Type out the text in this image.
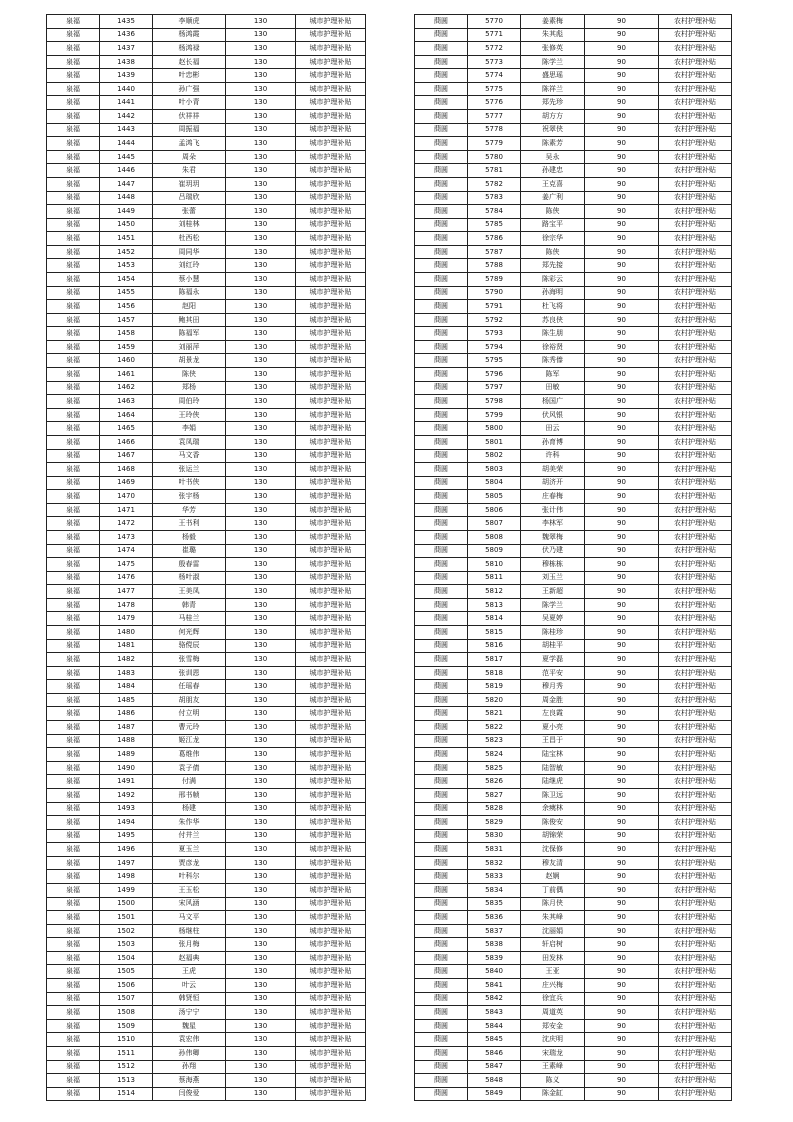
泉福	1435	李顺虎	130	城市护理补贴
泉福	1436	杨鸿霞	130	城市护理补贴
泉福	1437	杨鸿禄	130	城市护理补贴
泉福	1438	赵长福	130	城市护理补贴
泉福	1439	叶忠彬	130	城市护理补贴
泉福	1440	孙广强	130	城市护理补贴
泉福	1441	叶小青	130	城市护理补贴
泉福	1442	伏祥祥	130	城市护理补贴
泉福	1443	周振福	130	城市护理补贴
泉福	1444	孟鸿飞	130	城市护理补贴
泉福	1445	周朵	130	城市护理补贴
泉福	1446	朱君	130	城市护理补贴
泉福	1447	崔玥玥	130	城市护理补贴
泉福	1448	吕瑞欣	130	城市护理补贴
泉福	1449	张蕾	130	城市护理补贴
泉福	1450	刘桂林	130	城市护理补贴
泉福	1451	杜西松	130	城市护理补贴
泉福	1452	周同华	130	城市护理补贴
泉福	1453	刘红玲	130	城市护理补贴
泉福	1454	蔡小慧	130	城市护理补贴
泉福	1455	陈福永	130	城市护理补贴
泉福	1456	赵阳	130	城市护理补贴
泉福	1457	鲍其田	130	城市护理补贴
泉福	1458	陈福军	130	城市护理补贴
泉福	1459	刘丽萍	130	城市护理补贴
泉福	1460	胡景龙	130	城市护理补贴
泉福	1461	陈侠	130	城市护理补贴
泉福	1462	郑杨	130	城市护理补贴
泉福	1463	周伯玲	130	城市护理补贴
泉福	1464	王玲侠	130	城市护理补贴
泉福	1465	李娟	130	城市护理补贴
泉福	1466	袁凤瑞	130	城市护理补贴
泉福	1467	马文香	130	城市护理补贴
泉福	1468	张运兰	130	城市护理补贴
泉福	1469	叶书侠	130	城市护理补贴
泉福	1470	张宇杨	130	城市护理补贴
泉福	1471	华芳	130	城市护理补贴
泉福	1472	王书利	130	城市护理补贴
泉福	1473	杨毅	130	城市护理补贴
泉福	1474	崔璐	130	城市护理补贴
泉福	1475	殷春雷	130	城市护理补贴
泉福	1476	杨叶淑	130	城市护理补贴
泉福	1477	王美凤	130	城市护理补贴
泉福	1478	韩青	130	城市护理补贴
泉福	1479	马桂兰	130	城市护理补贴
泉福	1480	何光辉	130	城市护理补贴
泉福	1481	骆傥辰	130	城市护理补贴
泉福	1482	张雪梅	130	城市护理补贴
泉福	1483	张训恩	130	城市护理补贴
泉福	1484	任瑶春	130	城市护理补贴
泉福	1485	胡朋友	130	城市护理补贴
泉福	1486	付立明	130	城市护理补贴
泉福	1487	曹元玲	130	城市护理补贴
泉福	1488	姬江龙	130	城市护理补贴
泉福	1489	葛维伟	130	城市护理补贴
泉福	1490	袁子倩	130	城市护理补贴
泉福	1491	付满	130	城市护理补贴
泉福	1492	邢书帧	130	城市护理补贴
泉福	1493	杨建	130	城市护理补贴
泉福	1494	朱作华	130	城市护理补贴
泉福	1495	付井兰	130	城市护理补贴
泉福	1496	夏玉兰	130	城市护理补贴
泉福	1497	贾彦龙	130	城市护理补贴
泉福	1498	叶科尔	130	城市护理补贴
泉福	1499	王玉松	130	城市护理补贴
泉福	1500	宋风涵	130	城市护理补贴
泉福	1501	马文平	130	城市护理补贴
泉福	1502	杨继柱	130	城市护理补贴
泉福	1503	张月梅	130	城市护理补贴
泉福	1504	赵福典	130	城市护理补贴
泉福	1505	王虎	130	城市护理补贴
泉福	1506	叶云	130	城市护理补贴
泉福	1507	韩贤恒	130	城市护理补贴
泉福	1508	汤宁宁	130	城市护理补贴
泉福	1509	魏星	130	城市护理补贴
泉福	1510	袁宏伟	130	城市护理补贴
泉福	1511	孙伟卿	130	城市护理补贴
泉福	1512	孙翔	130	城市护理补贴
泉福	1513	蔡海燕	130	城市护理补贴
泉福	1514	闫俊爱	130	城市护理补贴
蔄圆	5770	姜素梅	90	农村护理补贴
蔄圆	5771	朱其彪	90	农村护理补贴
蔄圆	5772	张修英	90	农村护理补贴
蔄圆	5773	陈学兰	90	农村护理补贴
蔄圆	5774	盛思瑶	90	农村护理补贴
蔄圆	5775	陈祥兰	90	农村护理补贴
蔄圆	5776	郑先珍	90	农村护理补贴
蔄圆	5777	胡方方	90	农村护理补贴
蔄圆	5778	祝翠侠	90	农村护理补贴
蔄圆	5779	陈素芳	90	农村护理补贴
蔄圆	5780	吴永	90	农村护理补贴
蔄圆	5781	孙建忠	90	农村护理补贴
蔄圆	5782	王克喜	90	农村护理补贴
蔄圆	5783	姜广利	90	农村护理补贴
蔄圆	5784	陈侠	90	农村护理补贴
蔄圆	5785	路宝平	90	农村护理补贴
蔄圆	5786	徐宗华	90	农村护理补贴
蔄圆	5787	陈侠	90	农村护理补贴
蔄圆	5788	郑先接	90	农村护理补贴
蔄圆	5789	陈彩云	90	农村护理补贴
蔄圆	5790	孙海明	90	农村护理补贴
蔄圆	5791	杜飞将	90	农村护理补贴
蔄圆	5792	苏良侠	90	农村护理补贴
蔄圆	5793	陈生朋	90	农村护理补贴
蔄圆	5794	徐裕贤	90	农村护理补贴
蔄圆	5795	陈秀傣	90	农村护理补贴
蔄圆	5796	陈军	90	农村护理补贴
蔄圆	5797	田敏	90	农村护理补贴
蔄圆	5798	杨国广	90	农村护理补贴
蔄圆	5799	伏风银	90	农村护理补贴
蔄圆	5800	田云	90	农村护理补贴
蔄圆	5801	孙育博	90	农村护理补贴
蔄圆	5802	许科	90	农村护理补贴
蔄圆	5803	胡美荣	90	农村护理补贴
蔄圆	5804	胡济开	90	农村护理补贴
蔄圆	5805	庄春梅	90	农村护理补贴
蔄圆	5806	张计伟	90	农村护理补贴
蔄圆	5807	李林军	90	农村护理补贴
蔄圆	5808	魏翠梅	90	农村护理补贴
蔄圆	5809	伏乃建	90	农村护理补贴
蔄圆	5810	穆栋栋	90	农村护理补贴
蔄圆	5811	刘玉兰	90	农村护理补贴
蔄圆	5812	王新超	90	农村护理补贴
蔄圆	5813	陈学兰	90	农村护理补贴
蔄圆	5814	吴夏婷	90	农村护理补贴
蔄圆	5815	陈桂珍	90	农村护理补贴
蔄圆	5816	胡桂平	90	农村护理补贴
蔄圆	5817	夏学磊	90	农村护理补贴
蔄圆	5818	范平安	90	农村护理补贴
蔄圆	5819	穆月秀	90	农村护理补贴
蔄圆	5820	周金胜	90	农村护理补贴
蔄圆	5821	左良霞	90	农村护理补贴
蔄圆	5822	夏小亮	90	农村护理补贴
蔄圆	5823	王昌于	90	农村护理补贴
蔄圆	5824	陆宝林	90	农村护理补贴
蔄圆	5825	陆智敏	90	农村护理补贴
蔄圆	5826	陆继虎	90	农村护理补贴
蔄圆	5827	陈卫远	90	农村护理补贴
蔄圆	5828	余痍林	90	农村护理补贴
蔄圆	5829	陈俊安	90	农村护理补贴
蔄圆	5830	胡锦荣	90	农村护理补贴
蔄圆	5831	沈保修	90	农村护理补贴
蔄圆	5832	穆友清	90	农村护理补贴
蔄圆	5833	赵娴	90	农村护理补贴
蔄圆	5834	丁前偶	90	农村护理补贴
蔄圆	5835	陈月侠	90	农村护理补贴
蔄圆	5836	朱其峰	90	农村护理补贴
蔄圆	5837	沈丽娟	90	农村护理补贴
蔄圆	5838	轩启树	90	农村护理补贴
蔄圆	5839	田发林	90	农村护理补贴
蔄圆	5840	王亚	90	农村护理补贴
蔄圆	5841	庄兴梅	90	农村护理补贴
蔄圆	5842	徐宜兵	90	农村护理补贴
蔄圆	5843	周道英	90	农村护理补贴
蔄圆	5844	郑安金	90	农村护理补贴
蔄圆	5845	沈庆明	90	农村护理补贴
蔄圆	5846	宋瑞龙	90	农村护理补贴
蔄圆	5847	王素峰	90	农村护理补贴
蔄圆	5848	陈义	90	农村护理补贴
蔄圆	5849	陈金缸	90	农村护理补贴
